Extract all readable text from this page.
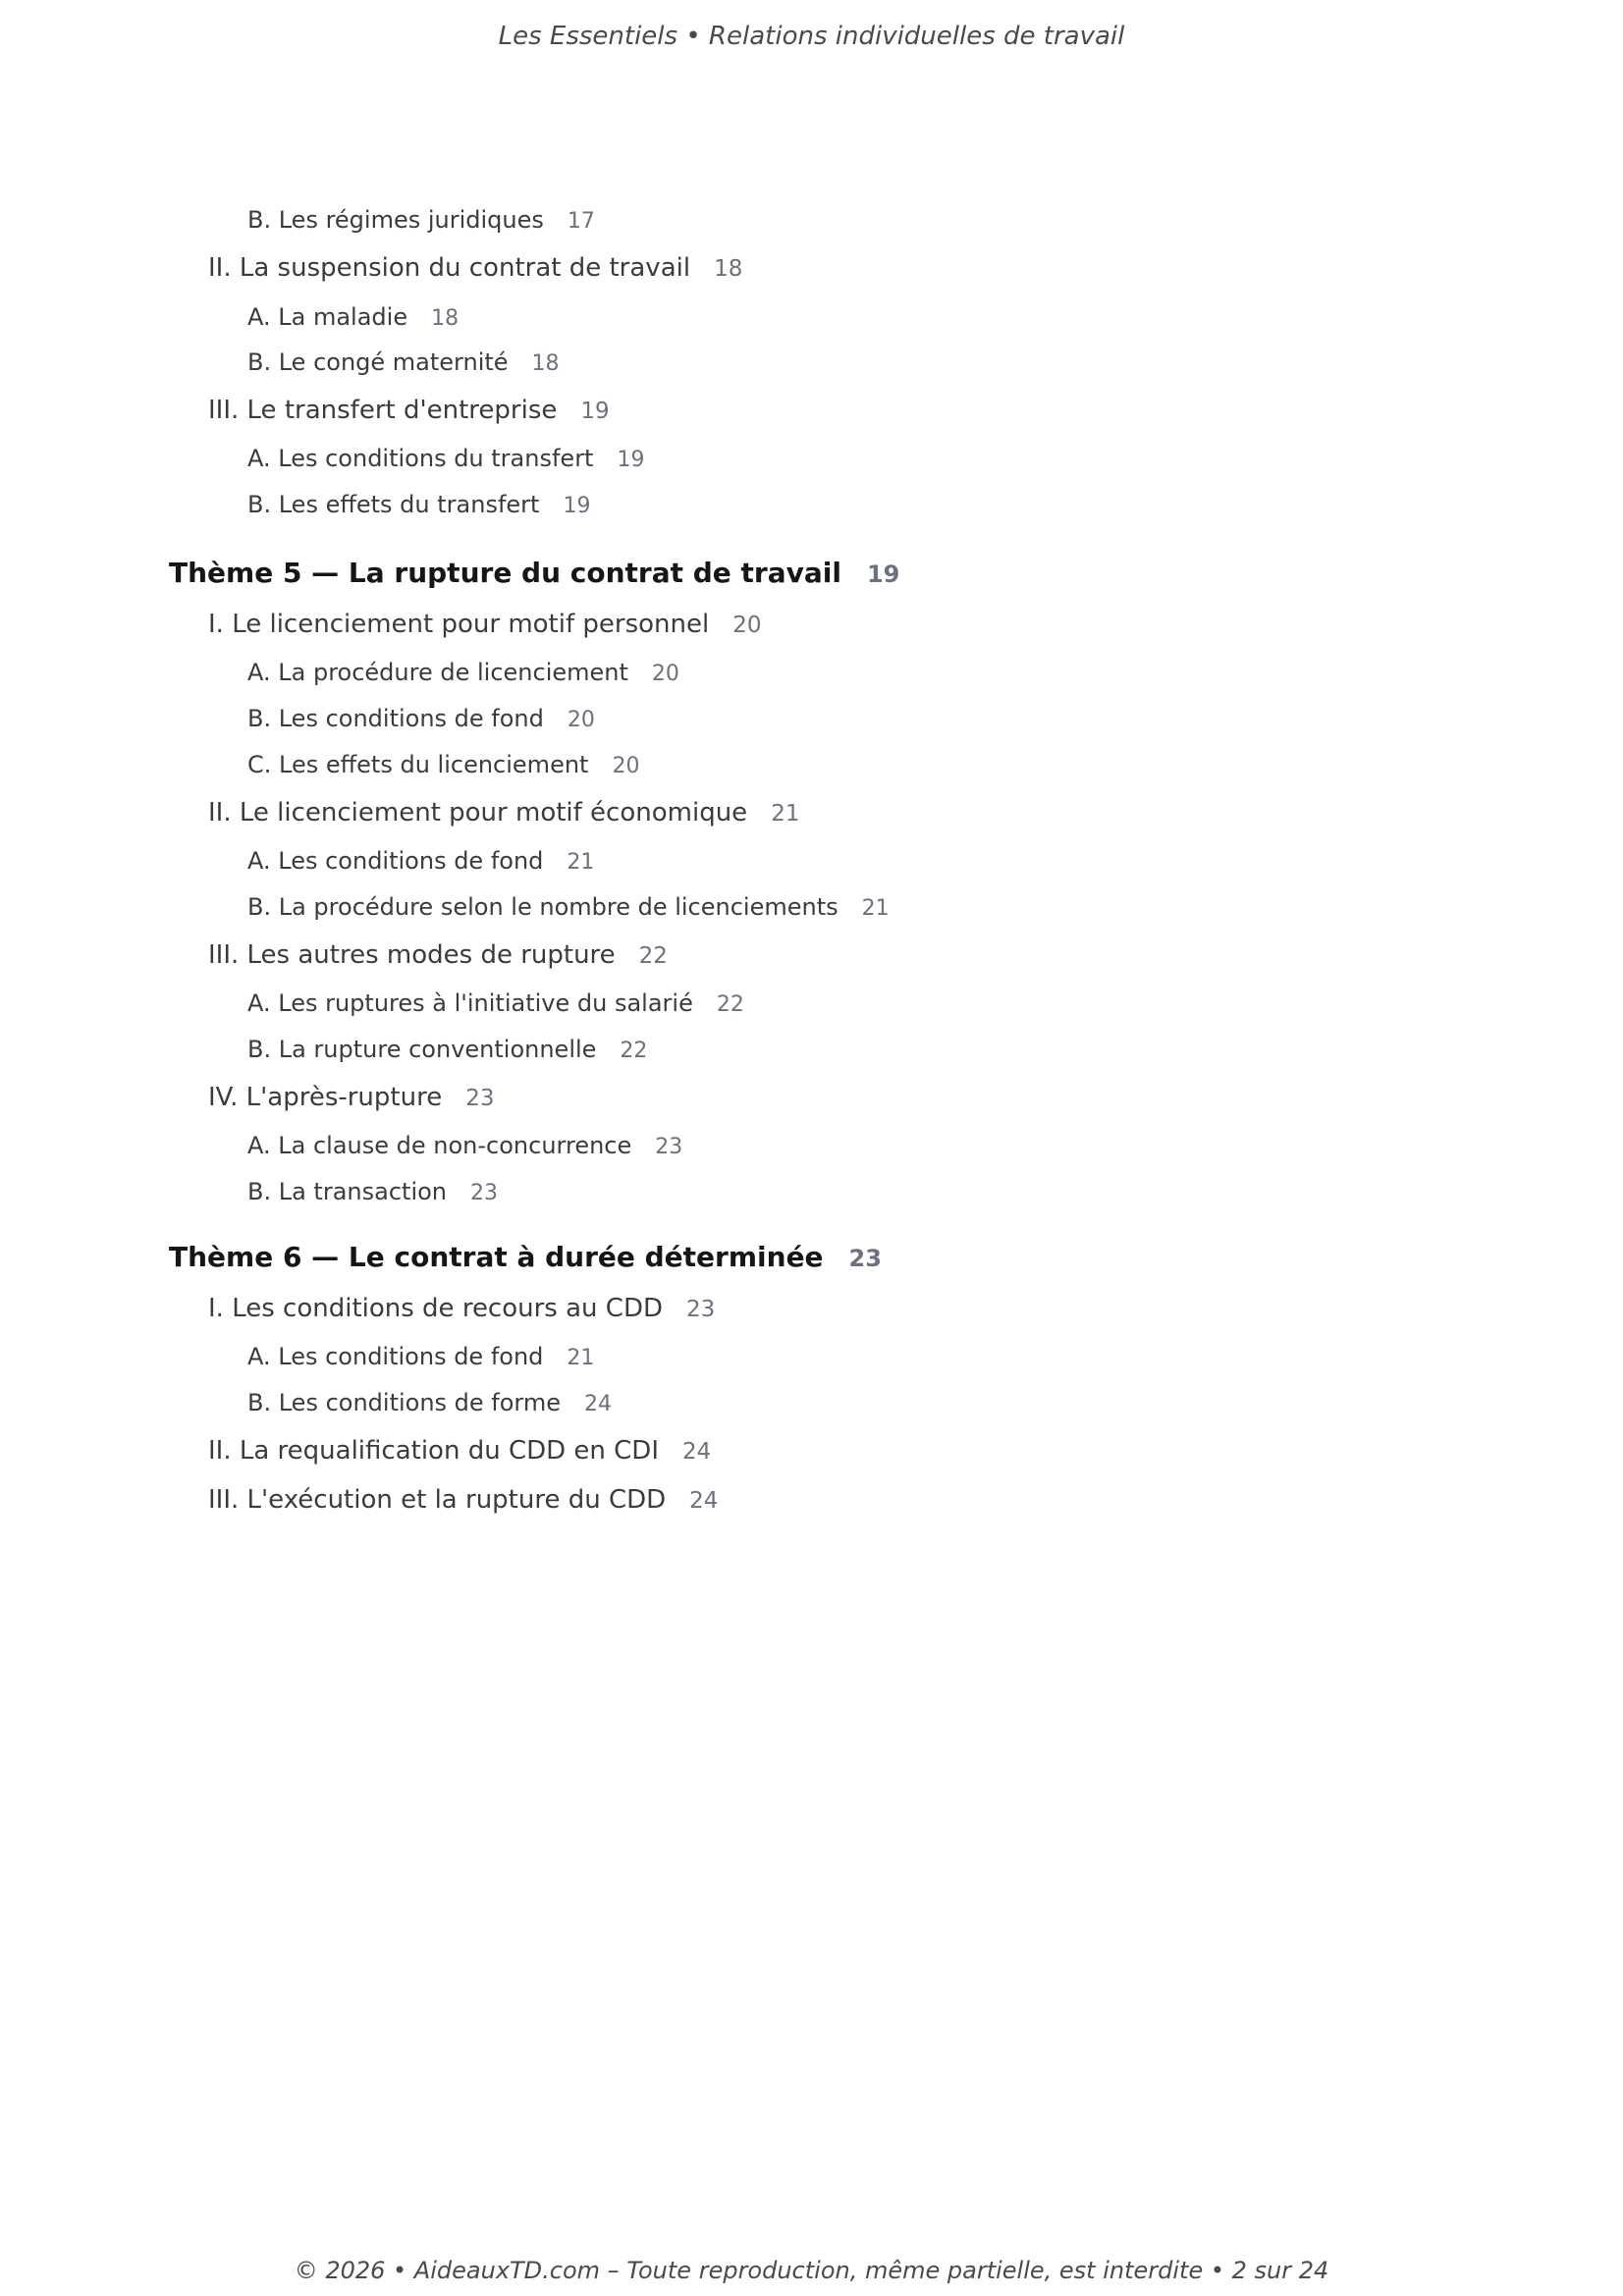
Les Essentiels • Relations individuelles de travail
B. Les régimes juridiques 17
II. La suspension du contrat de travail 18
A. La maladie 18
B. Le congé maternité 18
III. Le transfert d'entreprise 19
A. Les conditions du transfert 19
B. Les effets du transfert 19
Thème 5 — La rupture du contrat de travail 19
I. Le licenciement pour motif personnel 20
A. La procédure de licenciement 20
B. Les conditions de fond 20
C. Les effets du licenciement 20
II. Le licenciement pour motif économique 21
A. Les conditions de fond 21
B. La procédure selon le nombre de licenciements 21
III. Les autres modes de rupture 22
A. Les ruptures à l'initiative du salarié 22
B. La rupture conventionnelle 22
IV. L'après-rupture 23
A. La clause de non-concurrence 23
B. La transaction 23
Thème 6 — Le contrat à durée déterminée 23
I. Les conditions de recours au CDD 23
A. Les conditions de fond 21
B. Les conditions de forme 24
II. La requalification du CDD en CDI 24
III. L'exécution et la rupture du CDD 24
© 2026 • AideauxTD.com – Toute reproduction, même partielle, est interdite • 2 sur 24
